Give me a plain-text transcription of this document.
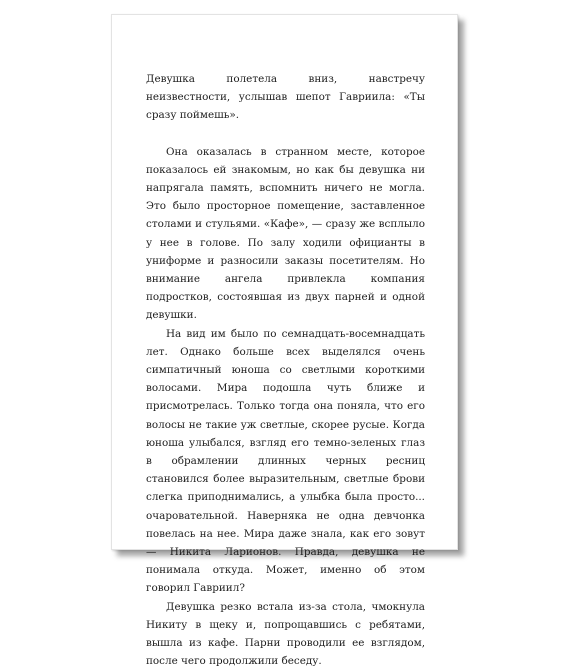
Девушка полетела вниз, навстречу неизвестности, услышав шепот Гавриила: «Ты сразу поймешь».

Она оказалась в странном месте, которое показалось ей знакомым, но как бы девушка ни напрягала память, вспомнить ничего не могла. Это было просторное помещение, заставленное столами и стульями. «Кафе», — сразу же всплыло у нее в голове. По залу ходили официанты в униформе и разносили заказы посетителям. Но внимание ангела привлекла компания подростков, состоявшая из двух парней и одной девушки.

На вид им было по семнадцать-восемнадцать лет. Однако больше всех выделялся очень симпатичный юноша со светлыми короткими волосами. Мира подошла чуть ближе и присмотрелась. Только тогда она поняла, что его волосы не такие уж светлые, скорее русые. Когда юноша улыбался, взгляд его темно-зеленых глаз в обрамлении длинных черных ресниц становился более выразительным, светлые брови слегка приподнимались, а улыбка была просто... очаровательной. Наверняка не одна девчонка повелась на нее. Мира даже знала, как его зовут — Никита Ларионов. Правда, девушка не понимала откуда. Может, именно об этом говорил Гавриил?

Девушка резко встала из-за стола, чмокнула Никиту в щеку и, попрощавшись с ребятами, вышла из кафе. Парни проводили ее взглядом, после чего продолжили беседу.
